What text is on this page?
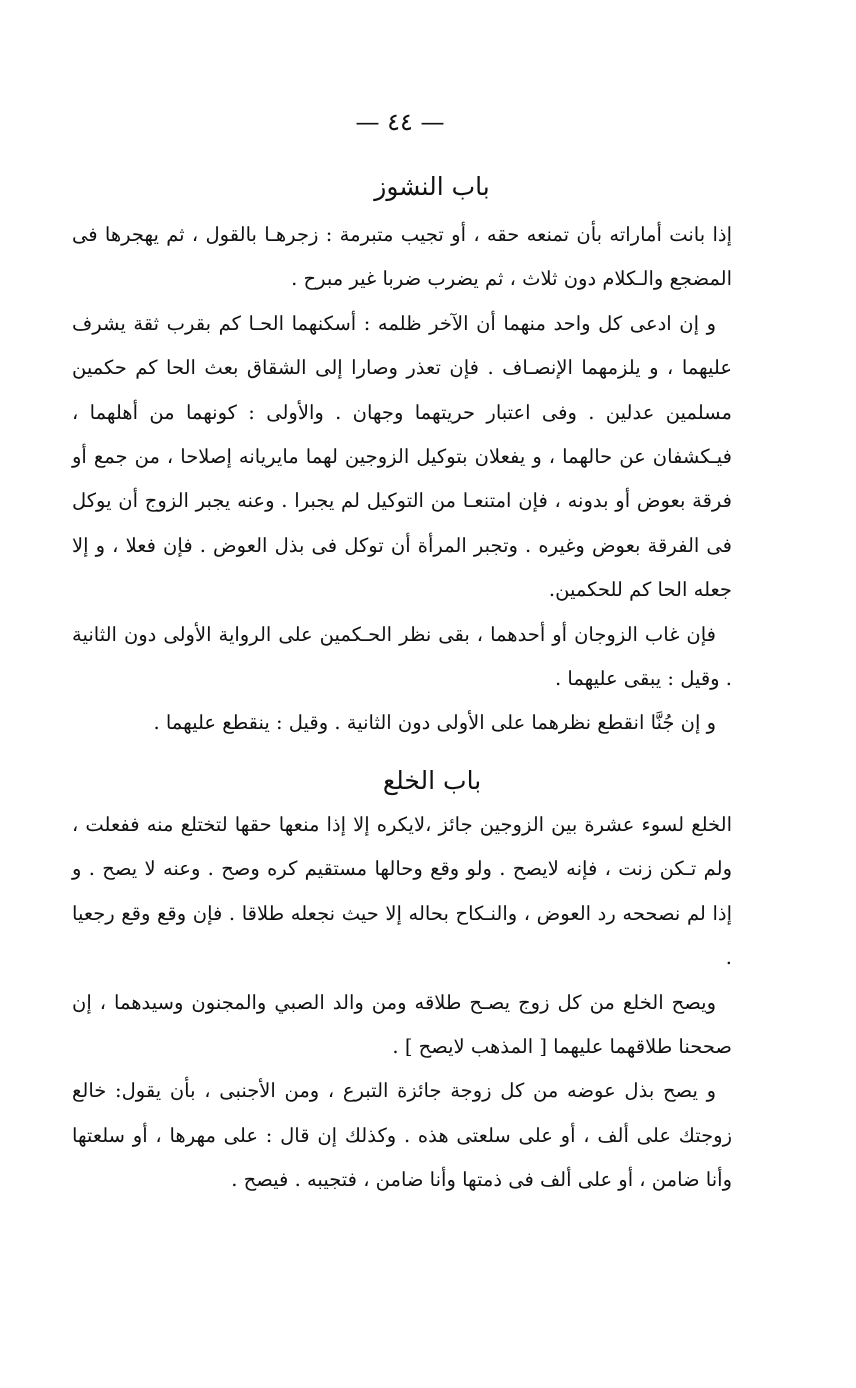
— ٤٤ —
باب النشوز

إذا بانت أماراته بأن تمنعه حقه ، أو تجيب متبرمة : زجرهـا بالقول ، ثم يهجرها فى المضجع والـكلام دون ثلاث ، ثم يضرب ضربا غير مبرح .

و إن ادعى كل واحد منهما أن الآخر ظلمه : أسكنهما الحـا كم بقرب ثقة يشرف عليهما ، و يلزمهما الإنصـاف . فإن تعذر وصارا إلى الشقاق بعث الحا كم حكمين مسلمين عدلين . وفى اعتبار حريتهما وجهان . والأولى : كونهما من أهلهما ، فيـكشفان عن حالهما ، و يفعلان بتوكيل الزوجين لهما مايريانه إصلاحا ، من جمع أو فرقة بعوض أو بدونه ، فإن امتنعـا من التوكيل لم يجبرا . وعنه يجبر الزوج أن يوكل فى الفرقة بعوض وغيره . وتجبر المرأة أن توكل فى بذل العوض . فإن فعلا ، و إلا جعله الحا كم للحكمين.

فإن غاب الزوجان أو أحدهما ، بقى نظر الحـكمين على الرواية الأولى دون الثانية . وقيل : يبقى عليهما .

و إن جُنَّا انقطع نظرهما على الأولى دون الثانية . وقيل : ينقطع عليهما .

باب الخلع

الخلع لسوء عشرة بين الزوجين جائز ،لايكره إلا إذا منعها حقها لتختلع منه ففعلت ، ولم تـكن زنت ، فإنه لايصح . ولو وقع وحالها مستقيم كره وصح . وعنه لا يصح . و إذا لم نصححه رد العوض ، والنـكاح بحاله إلا حيث نجعله طلاقا . فإن وقع وقع رجعيا .

ويصح الخلع من كل زوج يصـح طلاقه ومن والد الصبي والمجنون وسيدهما ، إن صححنا طلاقهما عليهما [ المذهب لايصح ] .

و يصح بذل عوضه من كل زوجة جائزة التبرع ، ومن الأجنبى ، بأن يقول: خالع زوجتك على ألف ، أو على سلعتى هذه . وكذلك إن قال : على مهرها ، أو سلعتها وأنا ضامن ، أو على ألف فى ذمتها وأنا ضامن ، فتجيبه . فيصح .
